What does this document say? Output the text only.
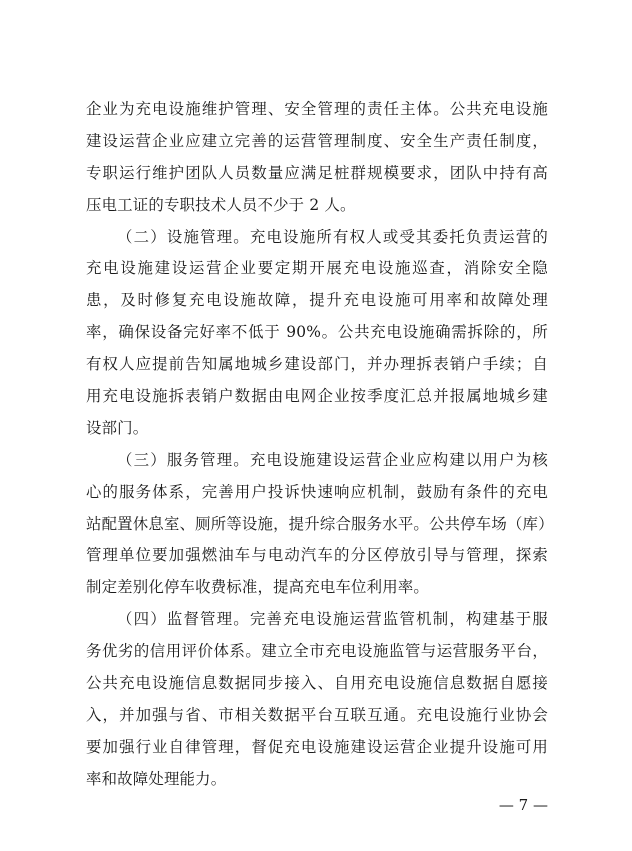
企业为充电设施维护管理、安全管理的责任主体。公共充电设施
建设运营企业应建立完善的运营管理制度、安全生产责任制度，
专职运行维护团队人员数量应满足桩群规模要求，团队中持有高
压电工证的专职技术人员不少于 2 人。
（二）设施管理。充电设施所有权人或受其委托负责运营的
充电设施建设运营企业要定期开展充电设施巡查，消除安全隐
患，及时修复充电设施故障，提升充电设施可用率和故障处理
率，确保设备完好率不低于 90%。公共充电设施确需拆除的，所
有权人应提前告知属地城乡建设部门，并办理拆表销户手续；自
用充电设施拆表销户数据由电网企业按季度汇总并报属地城乡建
设部门。
（三）服务管理。充电设施建设运营企业应构建以用户为核
心的服务体系，完善用户投诉快速响应机制，鼓励有条件的充电
站配置休息室、厕所等设施，提升综合服务水平。公共停车场（库）
管理单位要加强燃油车与电动汽车的分区停放引导与管理，探索
制定差别化停车收费标准，提高充电车位利用率。
（四）监督管理。完善充电设施运营监管机制，构建基于服
务优劣的信用评价体系。建立全市充电设施监管与运营服务平台，
公共充电设施信息数据同步接入、自用充电设施信息数据自愿接
入，并加强与省、市相关数据平台互联互通。充电设施行业协会
要加强行业自律管理，督促充电设施建设运营企业提升设施可用
率和故障处理能力。
— 7 —
